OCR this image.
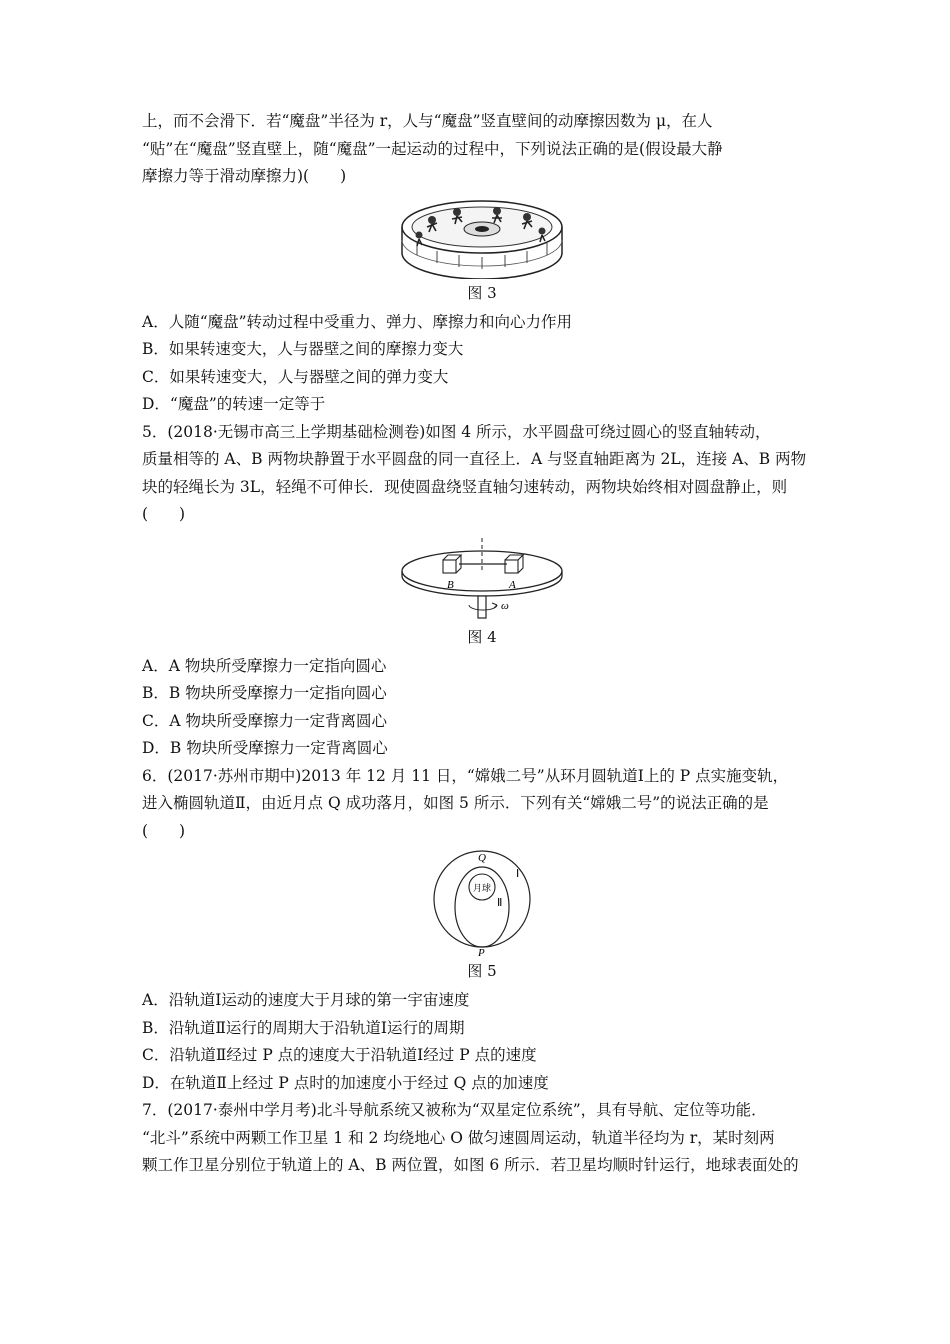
上，而不会滑下．若“魔盘”半径为 r，人与“魔盘”竖直壁间的动摩擦因数为 μ，在人

“贴”在“魔盘”竖直壁上，随“魔盘”一起运动的过程中，下列说法正确的是(假设最大静

摩擦力等于滑动摩擦力)(　　)

图 3

A．人随“魔盘”转动过程中受重力、弹力、摩擦力和向心力作用

B．如果转速变大，人与器壁之间的摩擦力变大

C．如果转速变大，人与器壁之间的弹力变大

D．“魔盘”的转速一定等于

5．(2018·无锡市高三上学期基础检测卷)如图 4 所示，水平圆盘可绕过圆心的竖直轴转动，

质量相等的 A、B 两物块静置于水平圆盘的同一直径上．A 与竖直轴距离为 2L，连接 A、B 两物

块的轻绳长为 3L，轻绳不可伸长．现使圆盘绕竖直轴匀速转动，两物块始终相对圆盘静止，则

(　　)

B	A
ω
图 4

A．A 物块所受摩擦力一定指向圆心

B．B 物块所受摩擦力一定指向圆心

C．A 物块所受摩擦力一定背离圆心

D．B 物块所受摩擦力一定背离圆心

6．(2017·苏州市期中)2013 年 12 月 11 日，“嫦娥二号”从环月圆轨道Ⅰ上的 P 点实施变轨，

进入椭圆轨道Ⅱ，由近月点 Q 成功落月，如图 5 所示．下列有关“嫦娥二号”的说法正确的是

(　　)

月球
Q
Ⅰ
Ⅱ
P
图 5

A．沿轨道Ⅰ运动的速度大于月球的第一宇宙速度

B．沿轨道Ⅱ运行的周期大于沿轨道Ⅰ运行的周期

C．沿轨道Ⅱ经过 P 点的速度大于沿轨道Ⅰ经过 P 点的速度

D．在轨道Ⅱ上经过 P 点时的加速度小于经过 Q 点的加速度

7．(2017·泰州中学月考)北斗导航系统又被称为“双星定位系统”，具有导航、定位等功能．

“北斗”系统中两颗工作卫星 1 和 2 均绕地心 O 做匀速圆周运动，轨道半径均为 r，某时刻两

颗工作卫星分别位于轨道上的 A、B 两位置，如图 6 所示．若卫星均顺时针运行，地球表面处的
